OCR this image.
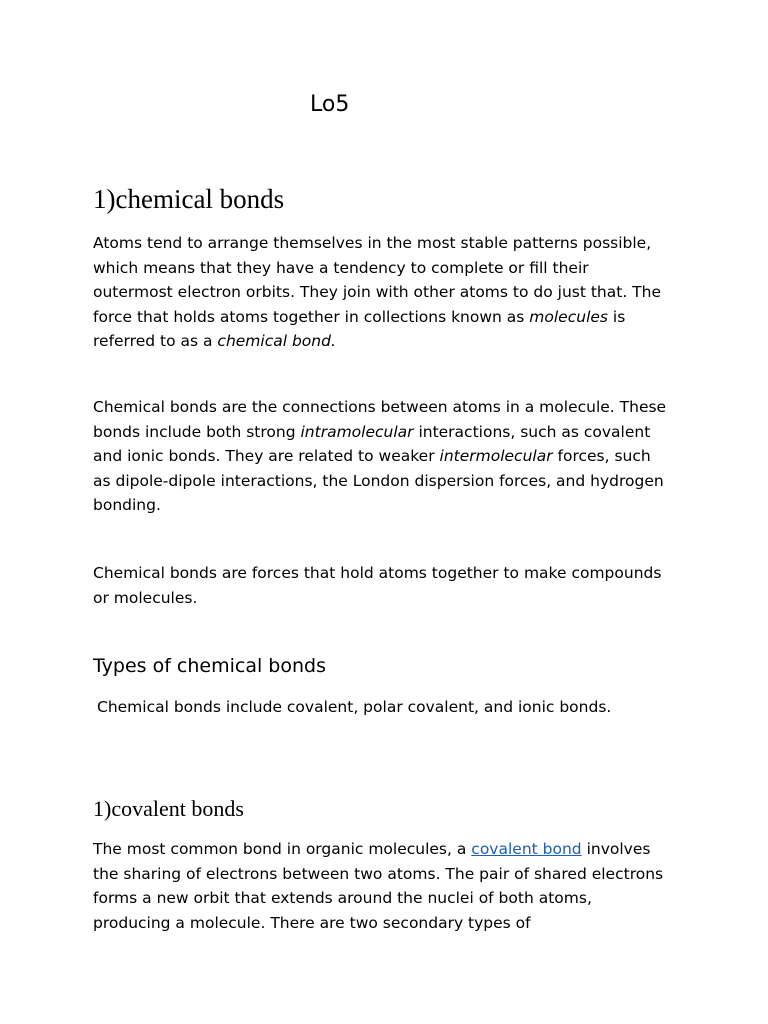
Lo5
1)chemical bonds

Atoms tend to arrange themselves in the most stable patterns possible, which means that they have a tendency to complete or fill their outermost electron orbits. They join with other atoms to do just that. The force that holds atoms together in collections known as molecules is referred to as a chemical bond.

Chemical bonds are the connections between atoms in a molecule. These bonds include both strong intramolecular interactions, such as covalent and ionic bonds. They are related to weaker intermolecular forces, such as dipole-dipole interactions, the London dispersion forces, and hydrogen bonding.

Chemical bonds are forces that hold atoms together to make compounds or molecules.

Types of chemical bonds

Chemical bonds include covalent, polar covalent, and ionic bonds.

1)covalent bonds

The most common bond in organic molecules, a covalent bond involves the sharing of electrons between two atoms. The pair of shared electrons forms a new orbit that extends around the nuclei of both atoms, producing a molecule. There are two secondary types of
